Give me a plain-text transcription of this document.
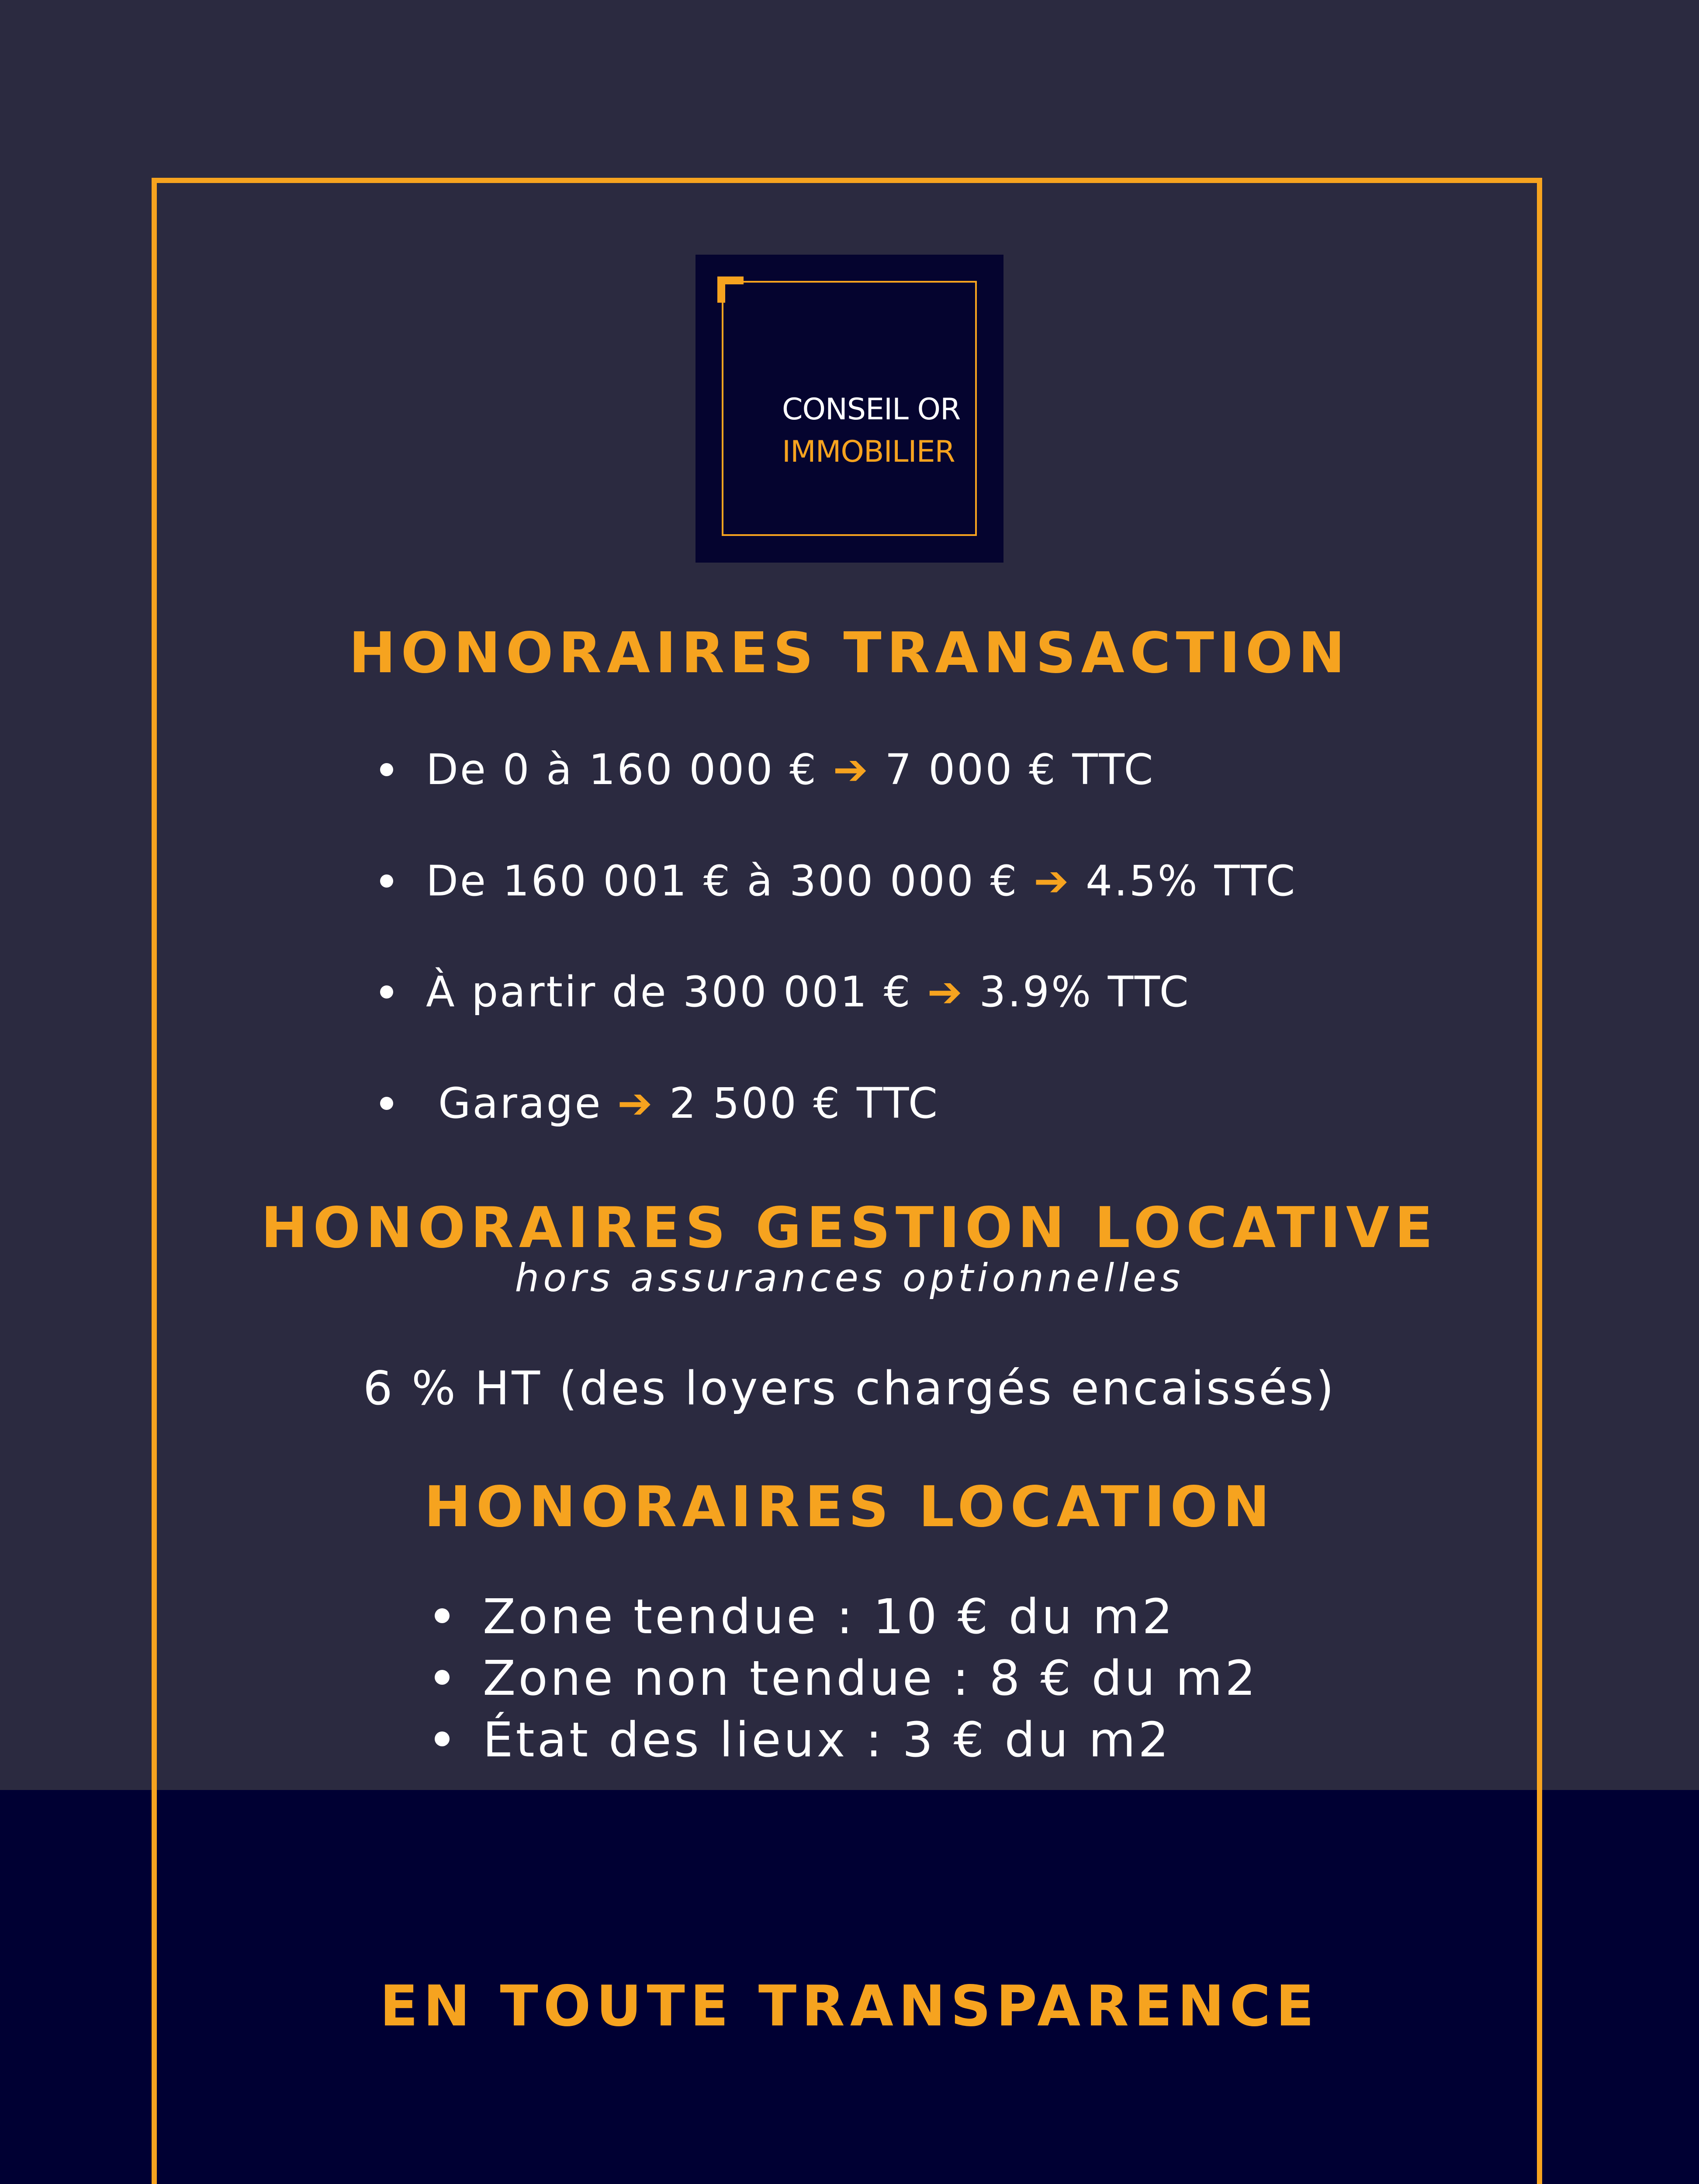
CONSEIL OR
IMMOBILIER
HONORAIRES TRANSACTION
De 0 à 160 000 € ➔ 7 000 € TTC
De 160 001 € à 300 000 € ➔ 4.5% TTC
À partir de 300 001 € ➔ 3.9% TTC
Garage ➔ 2 500 € TTC
HONORAIRES GESTION LOCATIVE
hors assurances optionnelles
6 % HT (des loyers chargés encaissés)
HONORAIRES LOCATION
Zone tendue : 10 € du m2
Zone non tendue : 8 € du m2
État des lieux : 3 € du m2
EN TOUTE TRANSPARENCE
